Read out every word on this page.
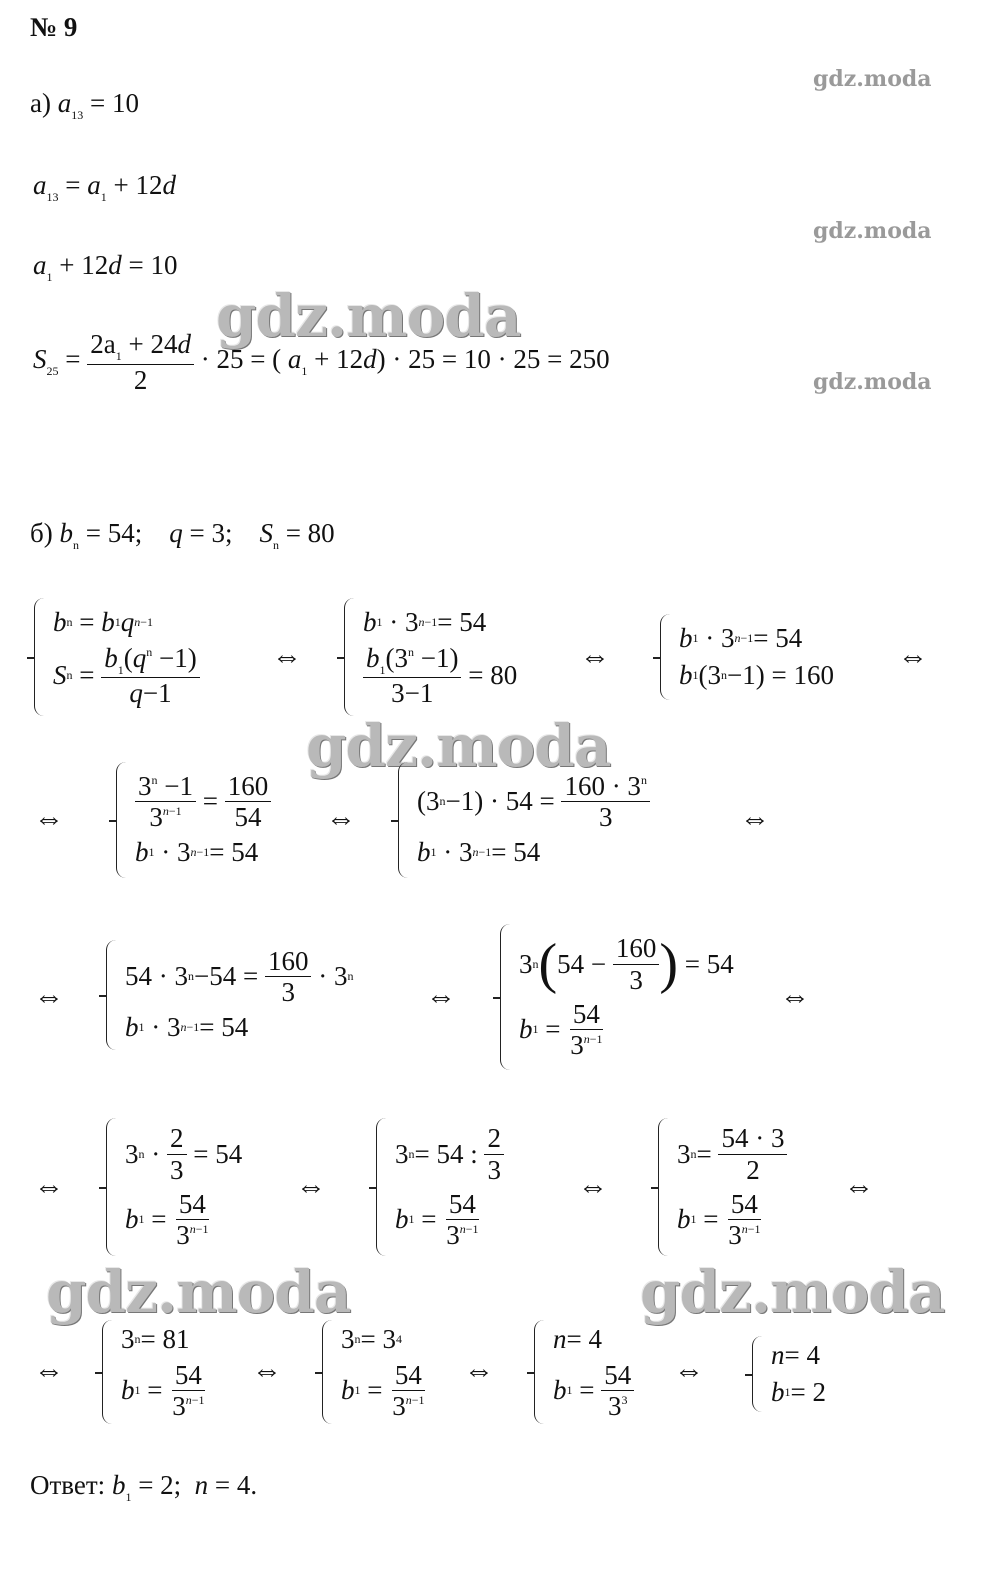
№ 9
gdz.moda
gdz.moda
gdz.moda
а) $a_{13} = 10$
$a_{13} = a_1 + 12d$
$a_1 + 12d = 10$
gdz.moda
$S_{25} = \frac{2a_1 + 24d}{2} \cdot 25$ = ( $a_1 + 12d) \cdot 25 = 10 \cdot 25 = 250$
б) $b_n = 54$; q = 3; $S_n = 80$
b n = b 1 q n−1
S $n = \frac{b_1(q^n -1)}{q-1}$ ⇔
b 1 · 3 n−1 = 54
$\frac{b_1(3^n -1)}{3-1} = 80$
⇔
b 1 · 3 n−1 = 54
b 1 (3 n −1) = 160
⇔
gdz.moda
⇔	$\frac{3^n -1}{3^{n-1}} = \frac{160}{54}$
b 1 · 3 n−1 = 54
⇔
(3 $n -1) \cdot 54 = \frac{160 \cdot 3^n}{3}$
b 1 · 3 n−1 = 54
⇔
⇔
54 · 3 $n -54 = \frac{160}{3} \cdot 3$ n
b 1 · 3 n−1 = 54
⇔
3 n ( $54 - \frac{160}{3}$ ) = 54
b $1 = \frac{54}{3^{n-1}}$
⇔
⇔
3 $n \cdot \frac{2}{3} = 54$
b $1 = \frac{54}{3^{n-1}}$
⇔
3 n = 54 : $\frac{2}{3}$
b $1 = \frac{54}{3^{n-1}}$
⇔
3 $n = \frac{54 \cdot 3}{2}$
b $1 = \frac{54}{3^{n-1}}$
⇔
gdz.moda	gdz.moda
⇔
3 n = 81
b $1 = \frac{54}{3^{n-1}}$ ⇔
3 n = 3 4
b $1 = \frac{54}{3^{n-1}}$ ⇔
n = 4
b $1 = \frac{54}{3^3}$ ⇔ n = 4
b 1 = 2
Ответ: $b_1 = 2$; n = 4.
